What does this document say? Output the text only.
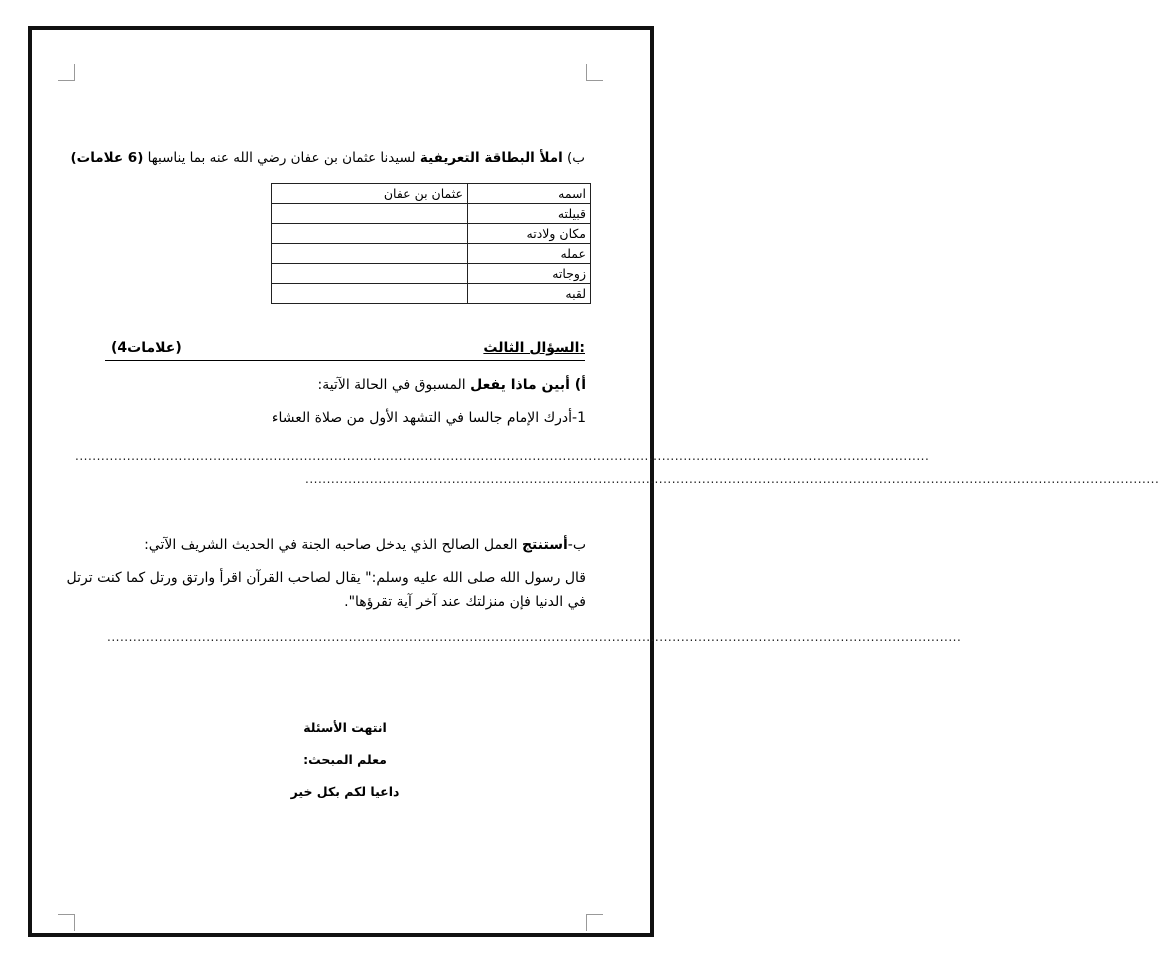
ب) املأ البطاقة التعريفية لسيدنا عثمان بن عفان رضي الله عنه بما يناسبها (6 علامات)
اسمه	عثمان بن عفان
قبيلته	
مكان ولادته	
عمله	
زوجاته	
لقبه	
السؤال الثالث:
(4علامات)
أ) أبين ماذا يفعل المسبوق في الحالة الآتية:
1-أدرك الإمام جالسا في التشهد الأول من صلاة العشاء
......................................................................................................................................................................................................
......................................................................................................................................................................................................
ب-أستنتج العمل الصالح الذي يدخل صاحبه الجنة في الحديث الشريف الآتي:
قال رسول الله صلى الله عليه وسلم:" يقال لصاحب القرآن اقرأ وارتق ورتل كما كنت ترتل
في الدنيا فإن منزلتك عند آخر آية تقرؤها".
......................................................................................................................................................................................................
انتهت الأسئلة
معلم المبحث:
داعيا لكم بكل خير
